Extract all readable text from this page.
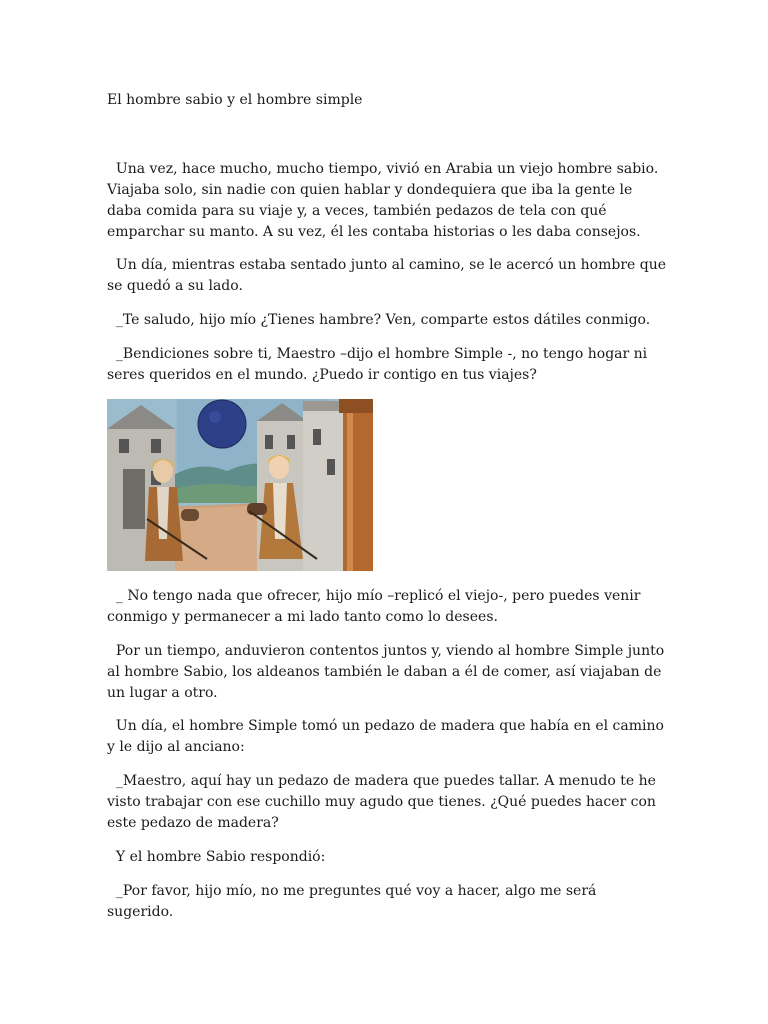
El hombre sabio y el hombre simple

Una vez, hace mucho, mucho tiempo, vivió en Arabia un viejo hombre sabio. Viajaba solo, sin nadie con quien hablar y dondequiera que iba la gente le daba comida para su viaje y, a veces, también pedazos de tela con qué emparchar su manto. A su vez, él les contaba historias o les daba consejos.

Un día, mientras estaba sentado junto al camino, se le acercó un hombre que se quedó a su lado.

_Te saludo, hijo mío ¿Tienes hambre? Ven, comparte estos dátiles conmigo.

_Bendiciones sobre ti, Maestro –dijo el hombre Simple -, no tengo hogar ni seres queridos en el mundo. ¿Puedo ir contigo en tus viajes?

_ No tengo nada que ofrecer, hijo mío –replicó el viejo-, pero puedes venir conmigo y permanecer a mi lado tanto como lo desees.

Por un tiempo, anduvieron contentos juntos y, viendo al hombre Simple junto al hombre Sabio, los aldeanos también le daban a él de comer, así viajaban de un lugar a otro.

Un día, el hombre Simple tomó un pedazo de madera que había en el camino y le dijo al anciano:

_Maestro, aquí hay un pedazo de madera que puedes tallar. A menudo te he visto trabajar con ese cuchillo muy agudo que tienes. ¿Qué puedes hacer con este pedazo de madera?

Y el hombre Sabio respondió:

_Por favor, hijo mío, no me preguntes qué voy a hacer, algo me será sugerido.
